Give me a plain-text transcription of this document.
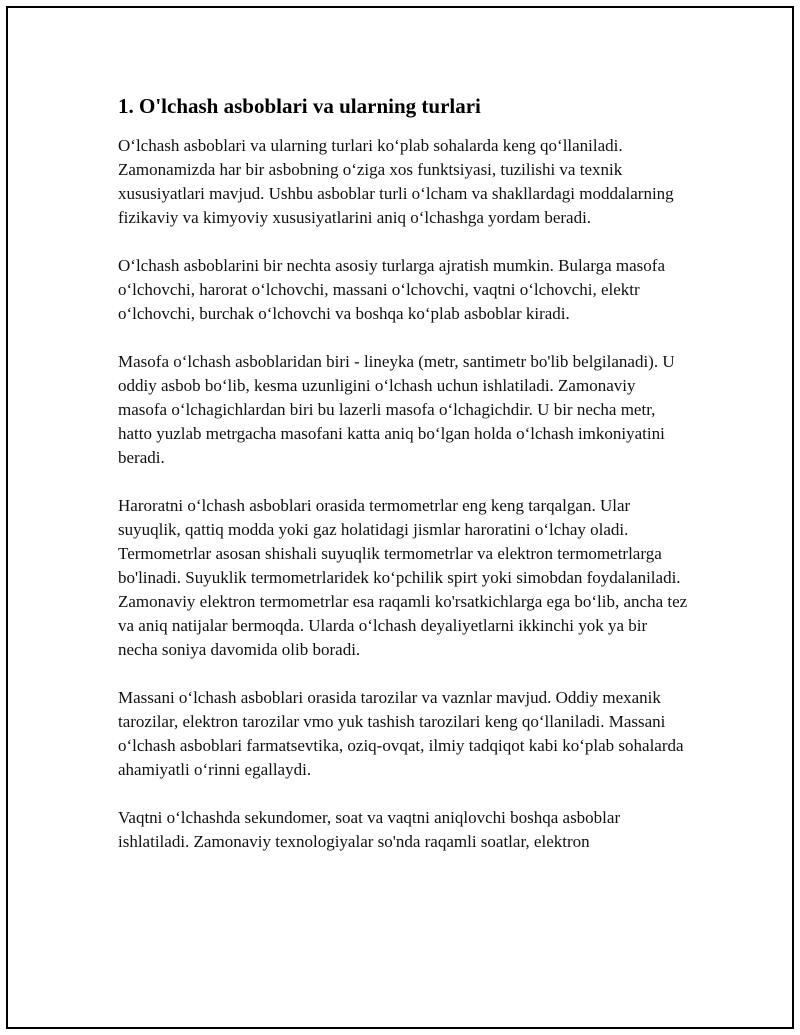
1. O'lchash asboblari va ularning turlari

O‘lchash asboblari va ularning turlari ko‘plab sohalarda keng qo‘llaniladi. Zamonamizda har bir asbobning o‘ziga xos funktsiyasi, tuzilishi va texnik xususiyatlari mavjud. Ushbu asboblar turli o‘lcham va shakllardagi moddalarning fizikaviy va kimyoviy xususiyatlarini aniq o‘lchashga yordam beradi.

O‘lchash asboblarini bir nechta asosiy turlarga ajratish mumkin. Bularga masofa o‘lchovchi, harorat o‘lchovchi, massani o‘lchovchi, vaqtni o‘lchovchi, elektr o‘lchovchi, burchak o‘lchovchi va boshqa ko‘plab asboblar kiradi.

Masofa o‘lchash asboblaridan biri - lineyka (metr, santimetr bo'lib belgilanadi). U oddiy asbob bo‘lib, kesma uzunligini o‘lchash uchun ishlatiladi. Zamonaviy masofa o‘lchagichlardan biri bu lazerli masofa o‘lchagichdir. U bir necha metr, hatto yuzlab metrgacha masofani katta aniq bo‘lgan holda o‘lchash imkoniyatini beradi.

Haroratni o‘lchash asboblari orasida termometrlar eng keng tarqalgan. Ular suyuqlik, qattiq modda yoki gaz holatidagi jismlar haroratini o‘lchay oladi. Termometrlar asosan shishali suyuqlik termometrlar va elektron termometrlarga bo'linadi. Suyuklik termometrlaridek ko‘pchilik spirt yoki simobdan foydalaniladi. Zamonaviy elektron termometrlar esa raqamli ko'rsatkichlarga ega bo‘lib, ancha tez va aniq natijalar bermoqda. Ularda o‘lchash deyaliyetlarni ikkinchi yok ya bir necha soniya davomida olib boradi.

Massani o‘lchash asboblari orasida tarozilar va vaznlar mavjud. Oddiy mexanik tarozilar, elektron tarozilar vmo yuk tashish tarozilari keng qo‘llaniladi. Massani o‘lchash asboblari farmatsevtika, oziq-ovqat, ilmiy tadqiqot kabi ko‘plab sohalarda ahamiyatli o‘rinni egallaydi.

Vaqtni o‘lchashda sekundomer, soat va vaqtni aniqlovchi boshqa asboblar ishlatiladi. Zamonaviy texnologiyalar so'nda raqamli soatlar, elektron
